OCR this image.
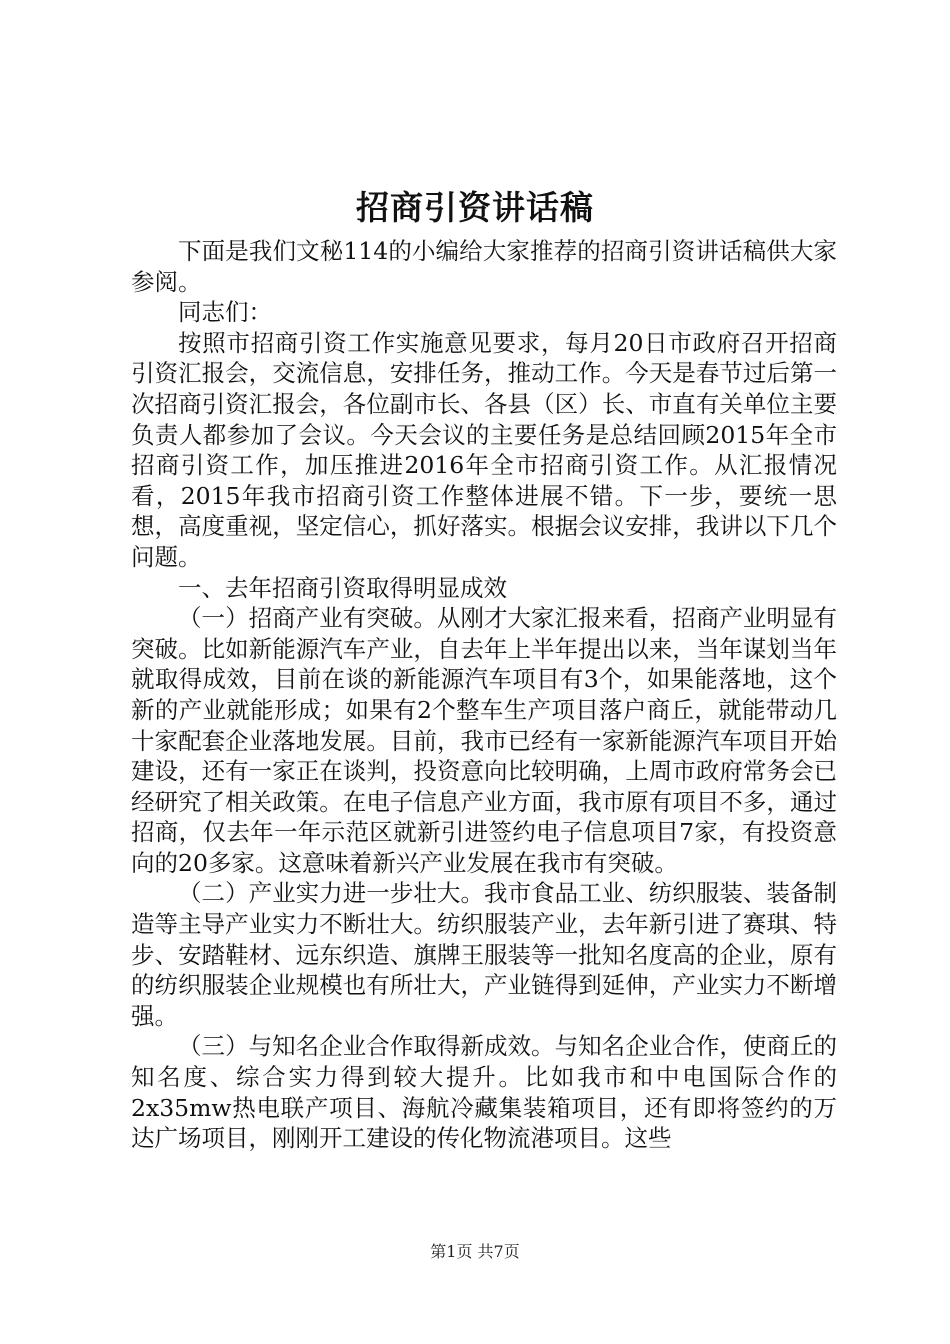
招商引资讲话稿

下面是我们文秘114的小编给大家推荐的招商引资讲话稿供大家参阅。

同志们：

按照市招商引资工作实施意见要求，每月20日市政府召开招商引资汇报会，交流信息，安排任务，推动工作。今天是春节过后第一次招商引资汇报会，各位副市长、各县（区）长、市直有关单位主要负责人都参加了会议。今天会议的主要任务是总结回顾2015年全市招商引资工作，加压推进2016年全市招商引资工作。从汇报情况看，2015年我市招商引资工作整体进展不错。下一步，要统一思想，高度重视，坚定信心，抓好落实。根据会议安排，我讲以下几个问题。

一、去年招商引资取得明显成效

（一）招商产业有突破。从刚才大家汇报来看，招商产业明显有突破。比如新能源汽车产业，自去年上半年提出以来，当年谋划当年就取得成效，目前在谈的新能源汽车项目有3个，如果能落地，这个新的产业就能形成；如果有2个整车生产项目落户商丘，就能带动几十家配套企业落地发展。目前，我市已经有一家新能源汽车项目开始建设，还有一家正在谈判，投资意向比较明确，上周市政府常务会已经研究了相关政策。在电子信息产业方面，我市原有项目不多，通过招商，仅去年一年示范区就新引进签约电子信息项目7家，有投资意向的20多家。这意味着新兴产业发展在我市有突破。

（二）产业实力进一步壮大。我市食品工业、纺织服装、装备制造等主导产业实力不断壮大。纺织服装产业，去年新引进了赛琪、特步、安踏鞋材、远东织造、旗牌王服装等一批知名度高的企业，原有的纺织服装企业规模也有所壮大，产业链得到延伸，产业实力不断增强。

（三）与知名企业合作取得新成效。与知名企业合作，使商丘的知名度、综合实力得到较大提升。比如我市和中电国际合作的2x35mw热电联产项目、海航冷藏集装箱项目，还有即将签约的万达广场项目，刚刚开工建设的传化物流港项目。这些

第1页 共7页
